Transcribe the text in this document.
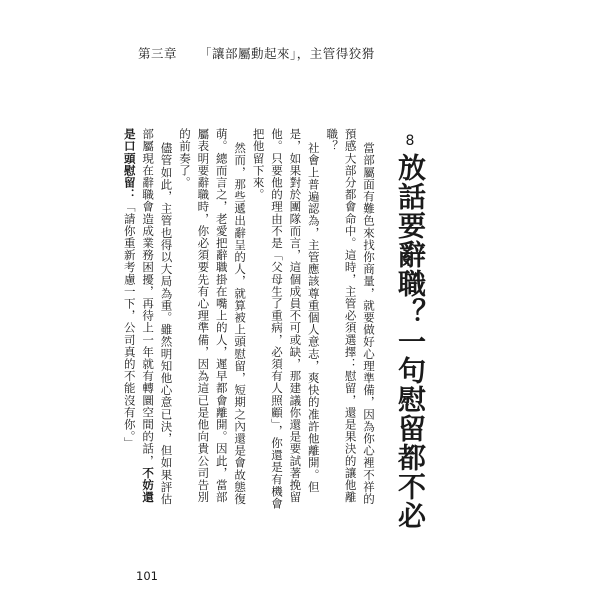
第三章 「讓部屬動起來」，主管得狡猾
8放話要辭職？一句慰留都不必

當部屬面有難色來找你商量，就要做好心理準備，因為你心裡不祥的預感大部分都會命中。這時，主管必須選擇：慰留，還是果決的讓他離職？

社會上普遍認為，主管應該尊重個人意志，爽快的准許他離開。但是，如果對於團隊而言，這個成員不可或缺，那建議你還是要試著挽留他。只要他的理由不是「父母生了重病，必須有人照顧」，你還是有機會把他留下來。

然而，那些遞出辭呈的人，就算被上頭慰留，短期之內還是會故態復萌。總而言之，老愛把辭職掛在嘴上的人，遲早都會離開。因此，當部屬表明要辭職時，你必須要先有心理準備，因為這已是他向貴公司告別的前奏了。

儘管如此，主管也得以大局為重。雖然明知他心意已決，但如果評估部屬現在辭職會造成業務困擾，再待上一年就有轉圜空間的話，不妨還是口頭慰留：「請你重新考慮一下，公司真的不能沒有你。」

101
